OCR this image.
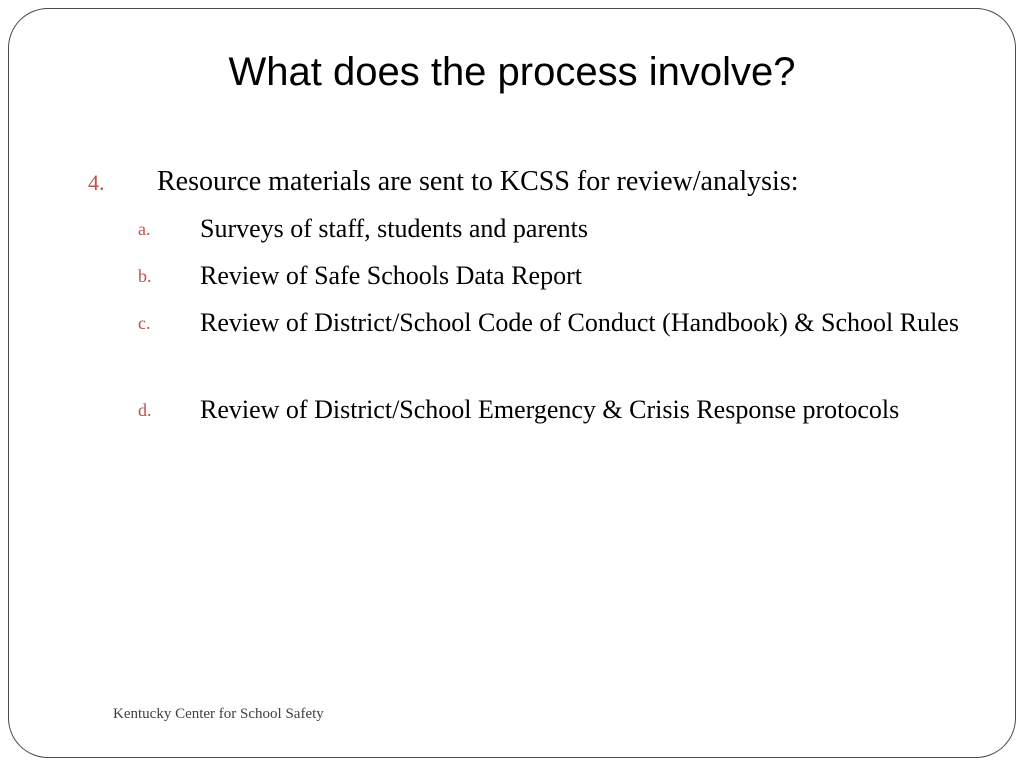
What does the process involve?
4. Resource materials are sent to KCSS for review/analysis:
a. Surveys of staff, students and parents
b. Review of Safe Schools Data Report
c. Review of District/School Code of Conduct (Handbook) & School Rules
d. Review of District/School Emergency & Crisis Response protocols
Kentucky Center for School Safety
